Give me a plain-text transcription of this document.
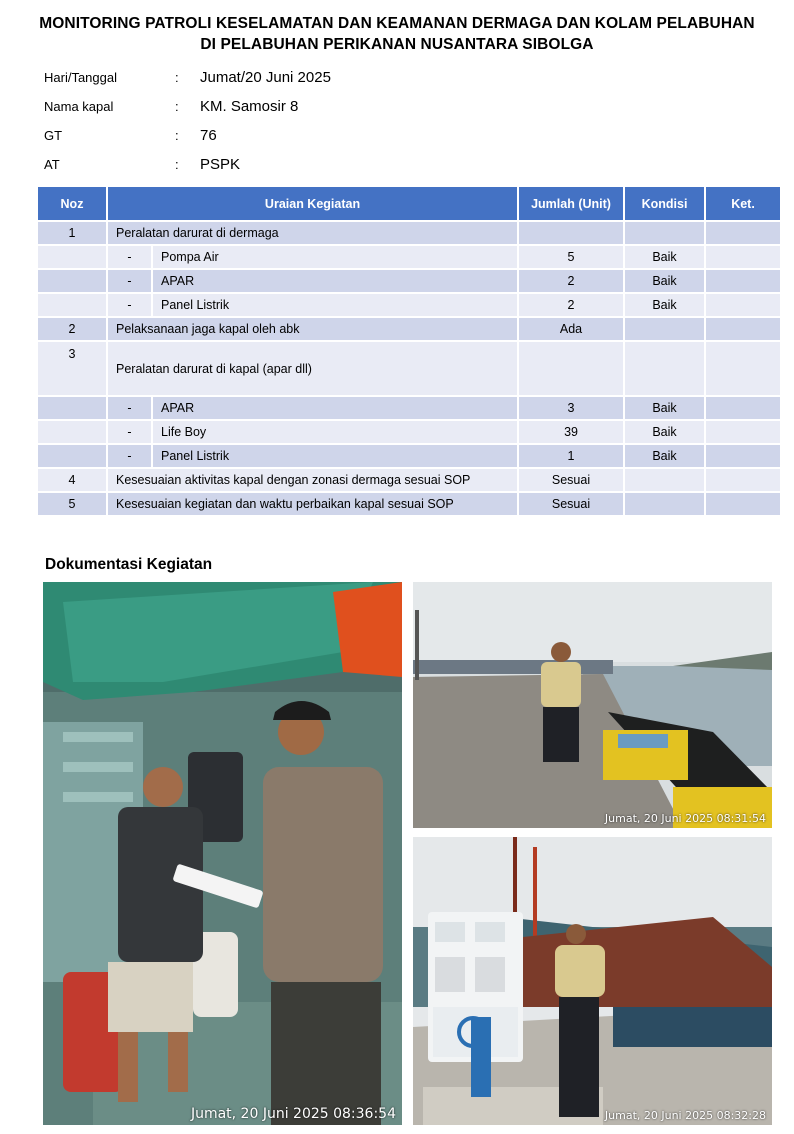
MONITORING PATROLI KESELAMATAN DAN KEAMANAN DERMAGA DAN KOLAM PELABUHAN
DI PELABUHAN PERIKANAN NUSANTARA SIBOLGA
Hari/Tanggal	: Jumat/20 Juni 2025
Nama kapal	: KM. Samosir 8
GT	: 76
AT	: PSPK
Noz	Uraian Kegiatan		Jumlah (Unit)	Kondisi	Ket.
1	Peralatan darurat di dermaga				
	-	Pompa Air	5	Baik	
	-	APAR	2	Baik	
	-	Panel Listrik	2	Baik	
2	Pelaksanaan jaga kapal oleh abk		Ada		
3	Peralatan darurat di kapal (apar dll)				
	-	APAR	3	Baik	
	-	Life Boy	39	Baik	
	-	Panel Listrik	1	Baik	
4	Kesesuaian aktivitas kapal dengan zonasi dermaga sesuai SOP		Sesuai		
5	Kesesuaian kegiatan dan waktu perbaikan kapal sesuai SOP		Sesuai		
Dokumentasi Kegiatan
Jumat, 20 Juni 2025 08:36:54
Jumat, 20 Juni 2025 08:31:54
Jumat, 20 Juni 2025 08:32:28
